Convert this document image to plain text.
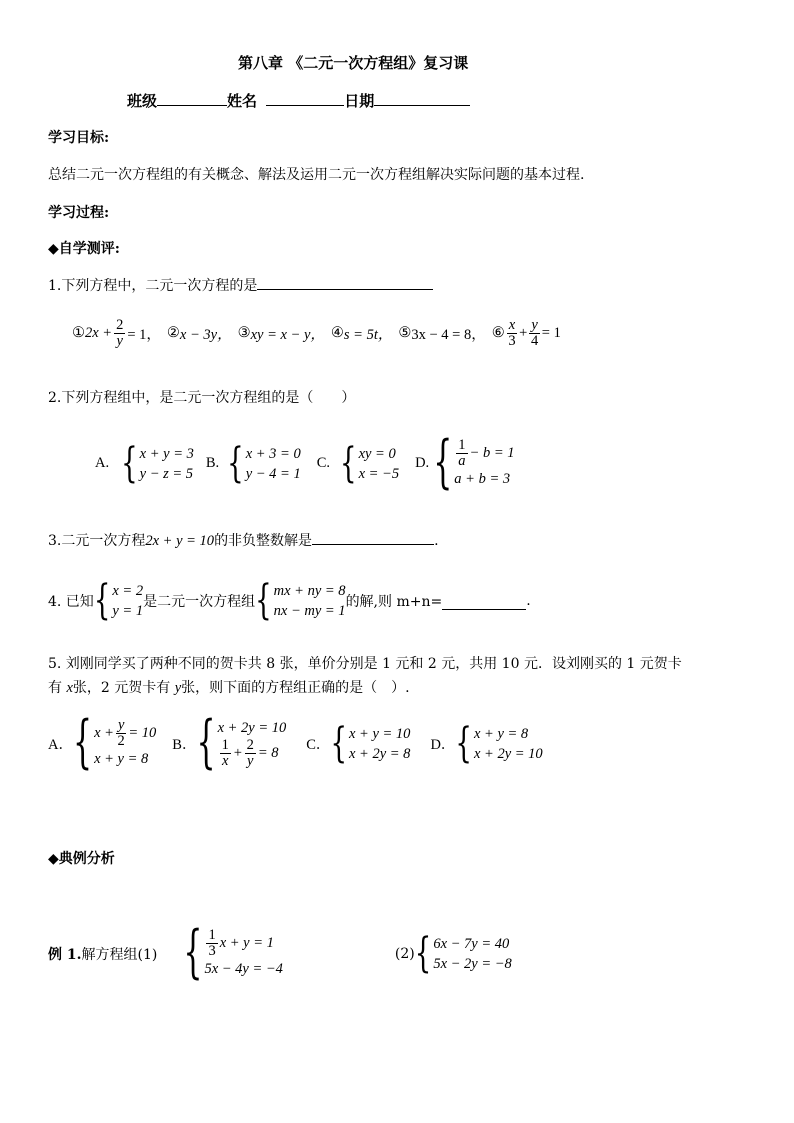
第八章 《二元一次方程组》复习课
班级	姓名	日期
学习目标:
总结二元一次方程组的有关概念、解法及运用二元一次方程组解决实际问题的基本过程.
学习过程:
◆自学测评:
1.下列方程中，二元一次方程的是
① $2x + \frac{2}{y} = 1$， ② x − 3y， ③ xy = x − y， ④ s = 5t， ⑤ 3x − 4 = 8， ⑥ $\frac{x}{3} + \frac{y}{4} = 1$
2.下列方程组中，是二元一次方程组的是（　　）
A. { x + y = 3
y − z = 5
B. { x + 3 = 0
y − 4 = 1
C. { xy = 0
x = −5
D. { $\frac{1}{a} - b = 1$
a + b = 3
3.二元一次方程2x + y = 10的非负整数解是	.
4. 已知 { x = 2
y = 1
是二元一次方程组 { mx + ny = 8
nx − my = 1
的解,则 m+n=	.
5. 刘刚同学买了两种不同的贺卡共 8 张，单价分别是 1 元和 2 元，共用 10 元．设刘刚买的 1 元贺卡
有 x张，2 元贺卡有 y张，则下面的方程组正确的是（　）.
A． { $x + \frac{y}{2} = 10$
x + y = 8
B． { x + 2y = 10
$\frac{1}{x} + \frac{2}{y} = 8$ C． { x + y = 10
x + 2y = 8
D． { x + y = 8
x + 2y = 10
◆典例分析
例 1. 解方程组(1) { $\frac{1}{3}$ x + y = 1
5x − 4y = −4
(2) { 6x − 7y = 40
5x − 2y = −8
